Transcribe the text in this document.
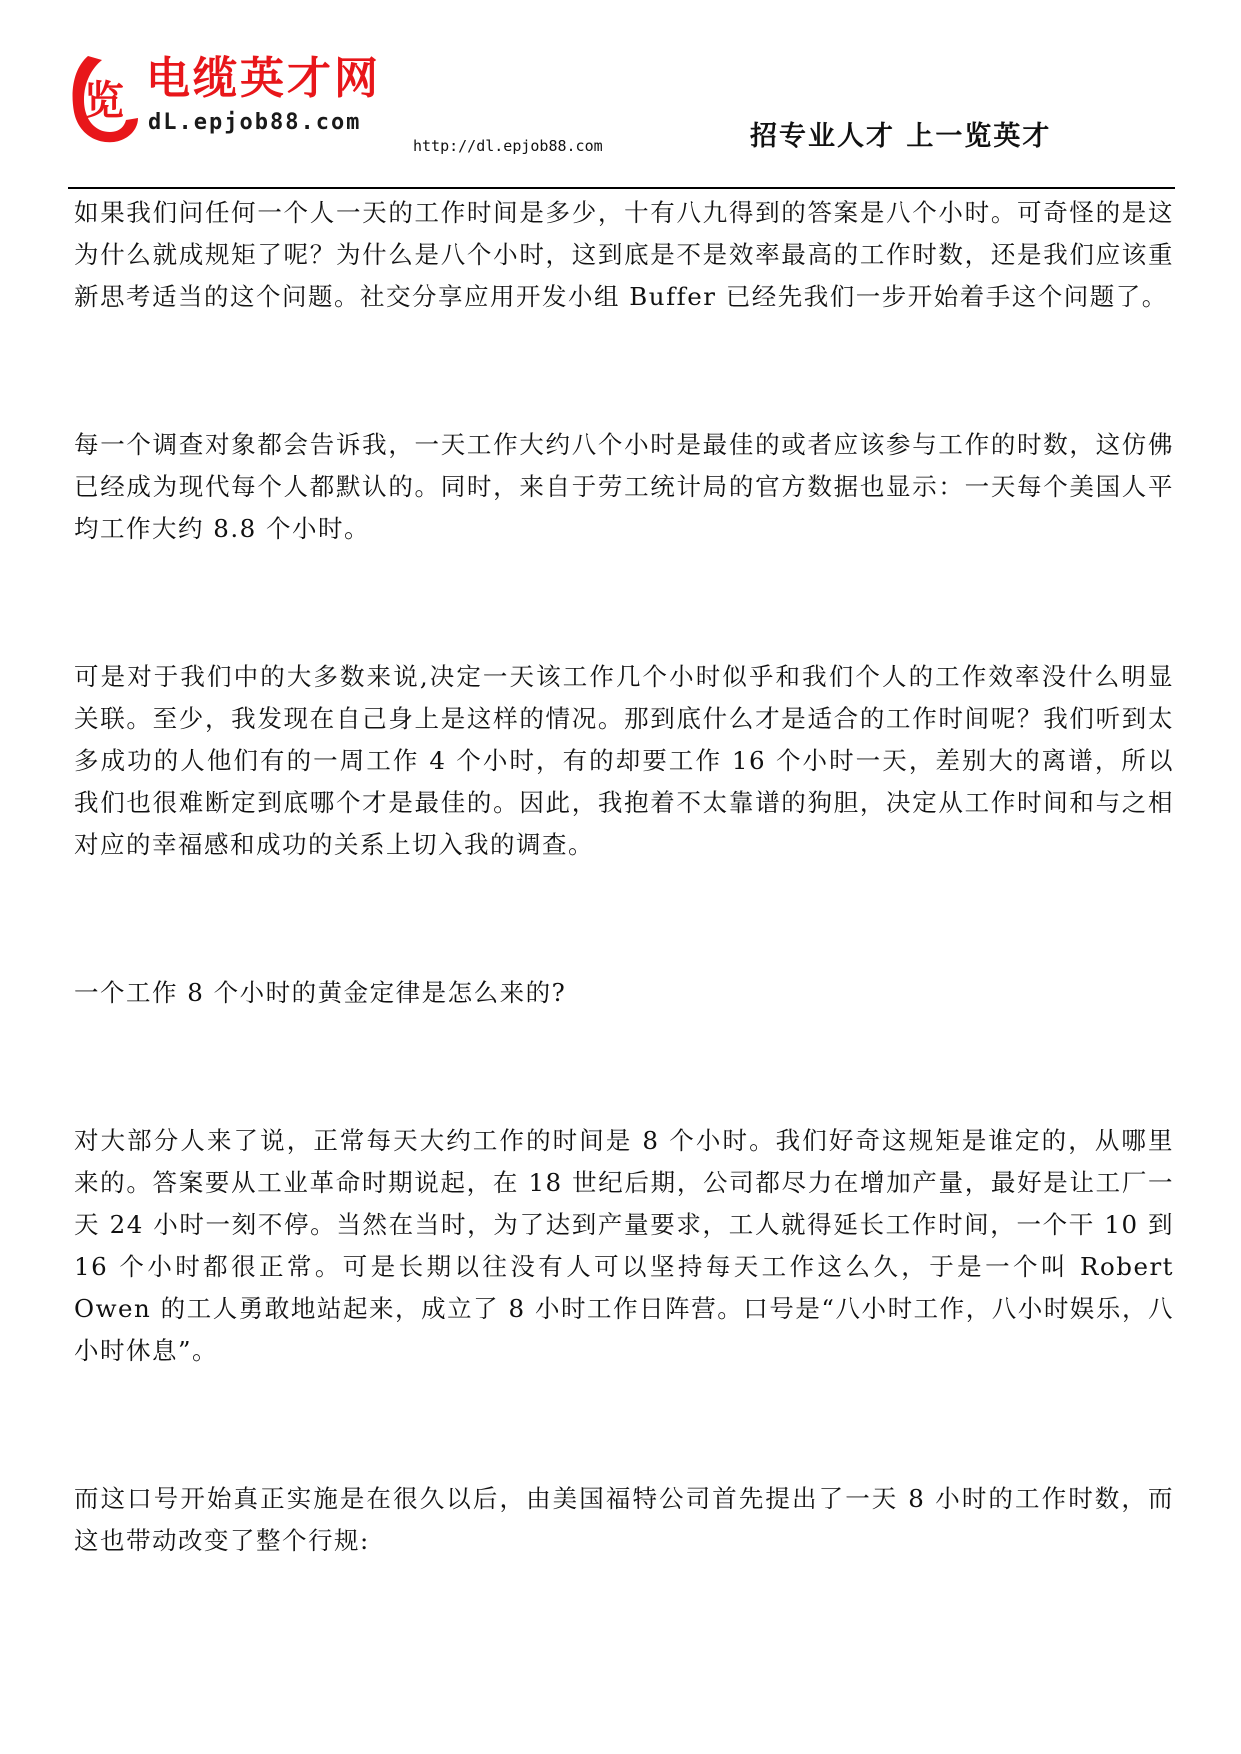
览 电缆英才网
dL.epjob88.com
http://dl.epjob88.com	招专业人才 上一览英才

如果我们问任何一个人一天的工作时间是多少，十有八九得到的答案是八个小时。可奇怪的是这为什么就成规矩了呢？为什么是八个小时，这到底是不是效率最高的工作时数，还是我们应该重新思考适当的这个问题。社交分享应用开发小组 Buffer 已经先我们一步开始着手这个问题了。

每一个调查对象都会告诉我，一天工作大约八个小时是最佳的或者应该参与工作的时数，这仿佛已经成为现代每个人都默认的。同时，来自于劳工统计局的官方数据也显示：一天每个美国人平均工作大约 8.8 个小时。

可是对于我们中的大多数来说,决定一天该工作几个小时似乎和我们个人的工作效率没什么明显关联。至少，我发现在自己身上是这样的情况。那到底什么才是适合的工作时间呢？我们听到太多成功的人他们有的一周工作 4 个小时，有的却要工作 16 个小时一天，差别大的离谱，所以我们也很难断定到底哪个才是最佳的。因此，我抱着不太靠谱的狗胆，决定从工作时间和与之相对应的幸福感和成功的关系上切入我的调查。

一个工作 8 个小时的黄金定律是怎么来的?

对大部分人来了说，正常每天大约工作的时间是 8 个小时。我们好奇这规矩是谁定的，从哪里来的。答案要从工业革命时期说起，在 18 世纪后期，公司都尽力在增加产量，最好是让工厂一天 24 小时一刻不停。当然在当时，为了达到产量要求，工人就得延长工作时间，一个干 10 到 16 个小时都很正常。可是长期以往没有人可以坚持每天工作这么久，于是一个叫 Robert Owen 的工人勇敢地站起来，成立了 8 小时工作日阵营。口号是“八小时工作，八小时娱乐，八小时休息”。

而这口号开始真正实施是在很久以后，由美国福特公司首先提出了一天 8 小时的工作时数，而这也带动改变了整个行规:
